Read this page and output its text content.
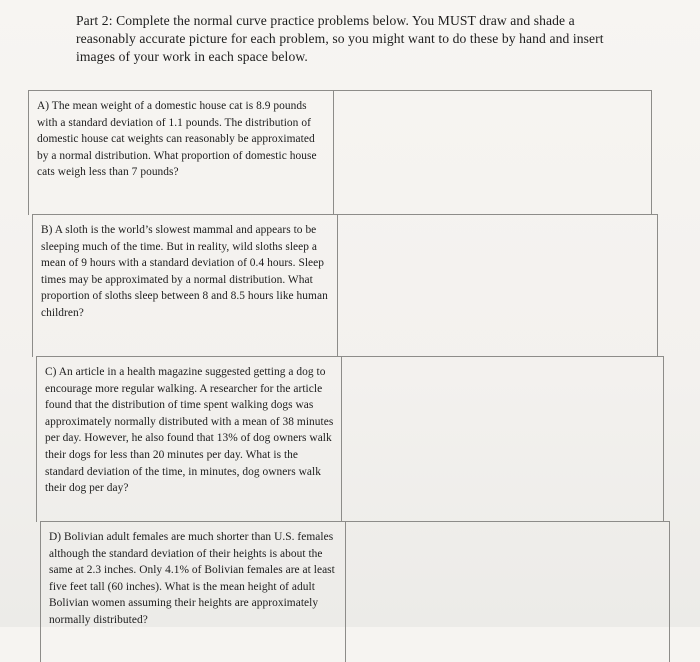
Part 2: Complete the normal curve practice problems below. You MUST draw and shade a reasonably accurate picture for each problem, so you might want to do these by hand and insert images of your work in each space below.
A) The mean weight of a domestic house cat is 8.9 pounds with a standard deviation of 1.1 pounds. The distribution of domestic house cat weights can reasonably be approximated by a normal distribution. What proportion of domestic house cats weigh less than 7 pounds?
B) A sloth is the world’s slowest mammal and appears to be sleeping much of the time. But in reality, wild sloths sleep a mean of 9 hours with a standard deviation of 0.4 hours. Sleep times may be approximated by a normal distribution. What proportion of sloths sleep between 8 and 8.5 hours like human children?
C) An article in a health magazine suggested getting a dog to encourage more regular walking. A researcher for the article found that the distribution of time spent walking dogs was approximately normally distributed with a mean of 38 minutes per day. However, he also found that 13% of dog owners walk their dogs for less than 20 minutes per day. What is the standard deviation of the time, in minutes, dog owners walk their dog per day?
D) Bolivian adult females are much shorter than U.S. females although the standard deviation of their heights is about the same at 2.3 inches. Only 4.1% of Bolivian females are at least five feet tall (60 inches). What is the mean height of adult Bolivian women assuming their heights are approximately normally distributed?
